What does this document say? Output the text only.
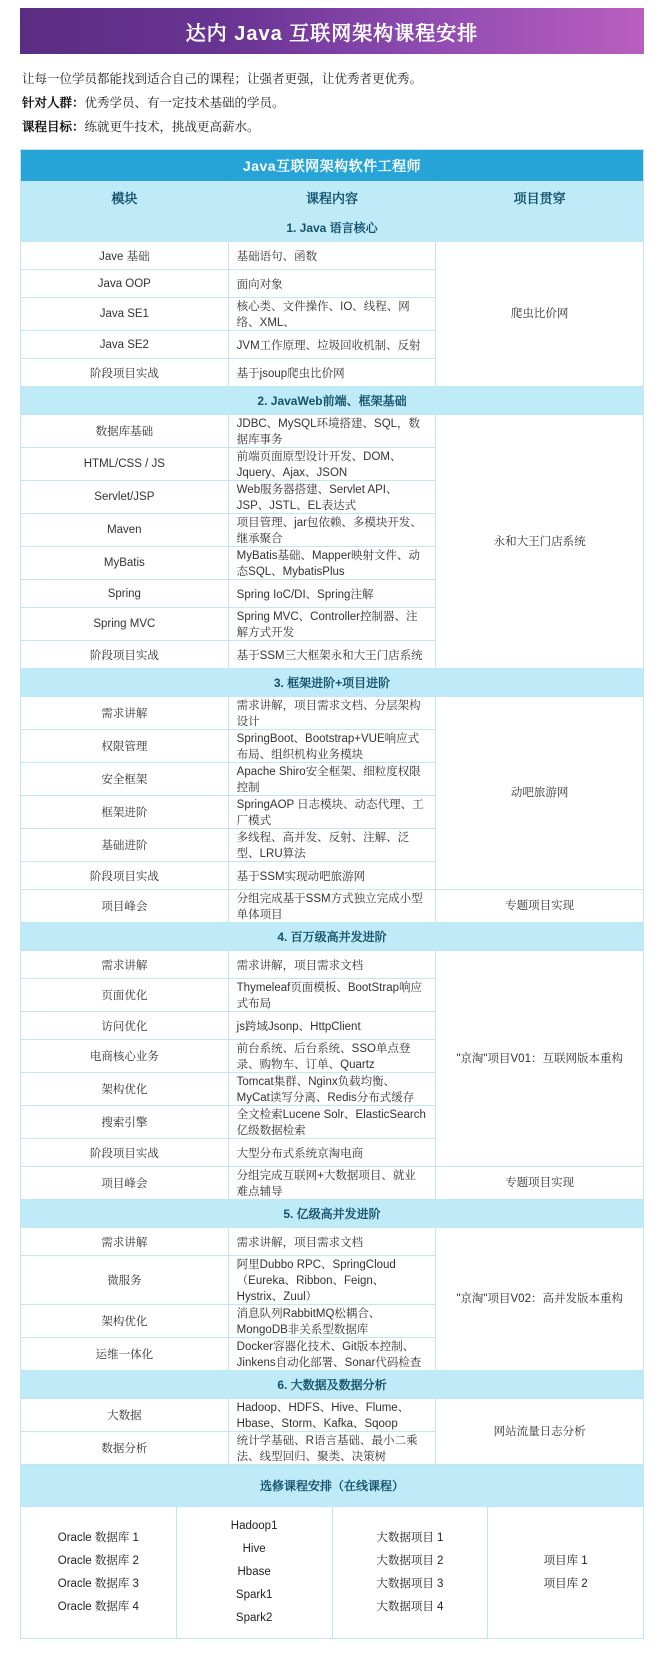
达内 Java 互联网架构课程安排
让每一位学员都能找到适合自己的课程；让强者更强，让优秀者更优秀。
针对人群：优秀学员、有一定技术基础的学员。
课程目标：练就更牛技术，挑战更高薪水。
Java互联网架构软件工程师		
模块	课程内容	项目贯穿
1. Java 语言核心		
Jave 基础	基础语句、函数	爬虫比价网
Java OOP	面向对象	
Java SE1	核心类、文件操作、IO、线程、网络、XML、	
Java SE2	JVM工作原理、垃圾回收机制、反射	
阶段项目实战	基于jsoup爬虫比价网	
2. JavaWeb前端、框架基础		
数据库基础	JDBC、MySQL环境搭建、SQL，数据库事务	永和大王门店系统
HTML/CSS / JS	前端页面原型设计开发、DOM、Jquery、Ajax、JSON	
Servlet/JSP	Web服务器搭建、Servlet API、JSP、JSTL、EL表达式	
Maven	项目管理、jar包依赖、多模块开发、继承聚合	
MyBatis	MyBatis基础、Mapper映射文件、动态SQL、MybatisPlus	
Spring	Spring IoC/DI、Spring注解	
Spring MVC	Spring MVC、Controller控制器、注解方式开发	
阶段项目实战	基于SSM三大框架永和大王门店系统	
3. 框架进阶+项目进阶		
需求讲解	需求讲解，项目需求文档、分层架构设计	动吧旅游网
权限管理	SpringBoot、Bootstrap+VUE响应式布局、组织机构业务模块	
安全框架	Apache Shiro安全框架、细粒度权限控制	
框架进阶	SpringAOP 日志模块、动态代理、工厂模式	
基础进阶	多线程、高并发、反射、注解、泛型、LRU算法	
阶段项目实战	基于SSM实现动吧旅游网	
项目峰会	分组完成基于SSM方式独立完成小型单体项目	专题项目实现
4. 百万级高并发进阶		
需求讲解	需求讲解，项目需求文档	"京淘"项目V01：互联网版本重构
页面优化	Thymeleaf页面模板、BootStrap响应式布局	
访问优化	js跨域Jsonp、HttpClient	
电商核心业务	前台系统、后台系统、SSO单点登录、购物车、订单、Quartz	
架构优化	Tomcat集群、Nginx负载均衡、MyCat读写分离、Redis分布式缓存	
搜索引擎	全文检索Lucene Solr、ElasticSearch亿级数据检索	
阶段项目实战	大型分布式系统京淘电商	
项目峰会	分组完成互联网+大数据项目、就业难点辅导	专题项目实现
5. 亿级高并发进阶		
需求讲解	需求讲解，项目需求文档	"京淘"项目V02：高并发版本重构
微服务	阿里Dubbo RPC、SpringCloud（Eureka、Ribbon、Feign、Hystrix、Zuul）	
架构优化	消息队列RabbitMQ松耦合、MongoDB非关系型数据库	
运维一体化	Docker容器化技术、Git版本控制、Jinkens自动化部署、Sonar代码检查	
6. 大数据及数据分析		
大数据	Hadoop、HDFS、Hive、Flume、Hbase、Storm、Kafka、Sqoop	网站流量日志分析
数据分析	统计学基础、R语言基础、最小二乘法、线型回归、聚类、决策树	
选修课程安排（在线课程）

Oracle 数据库 1
Oracle 数据库 2
Oracle 数据库 3
Oracle 数据库 4

Hadoop1
Hive
Hbase
Spark1
Spark2

大数据项目 1
大数据项目 2
大数据项目 3
大数据项目 4

项目库 1
项目库 2
